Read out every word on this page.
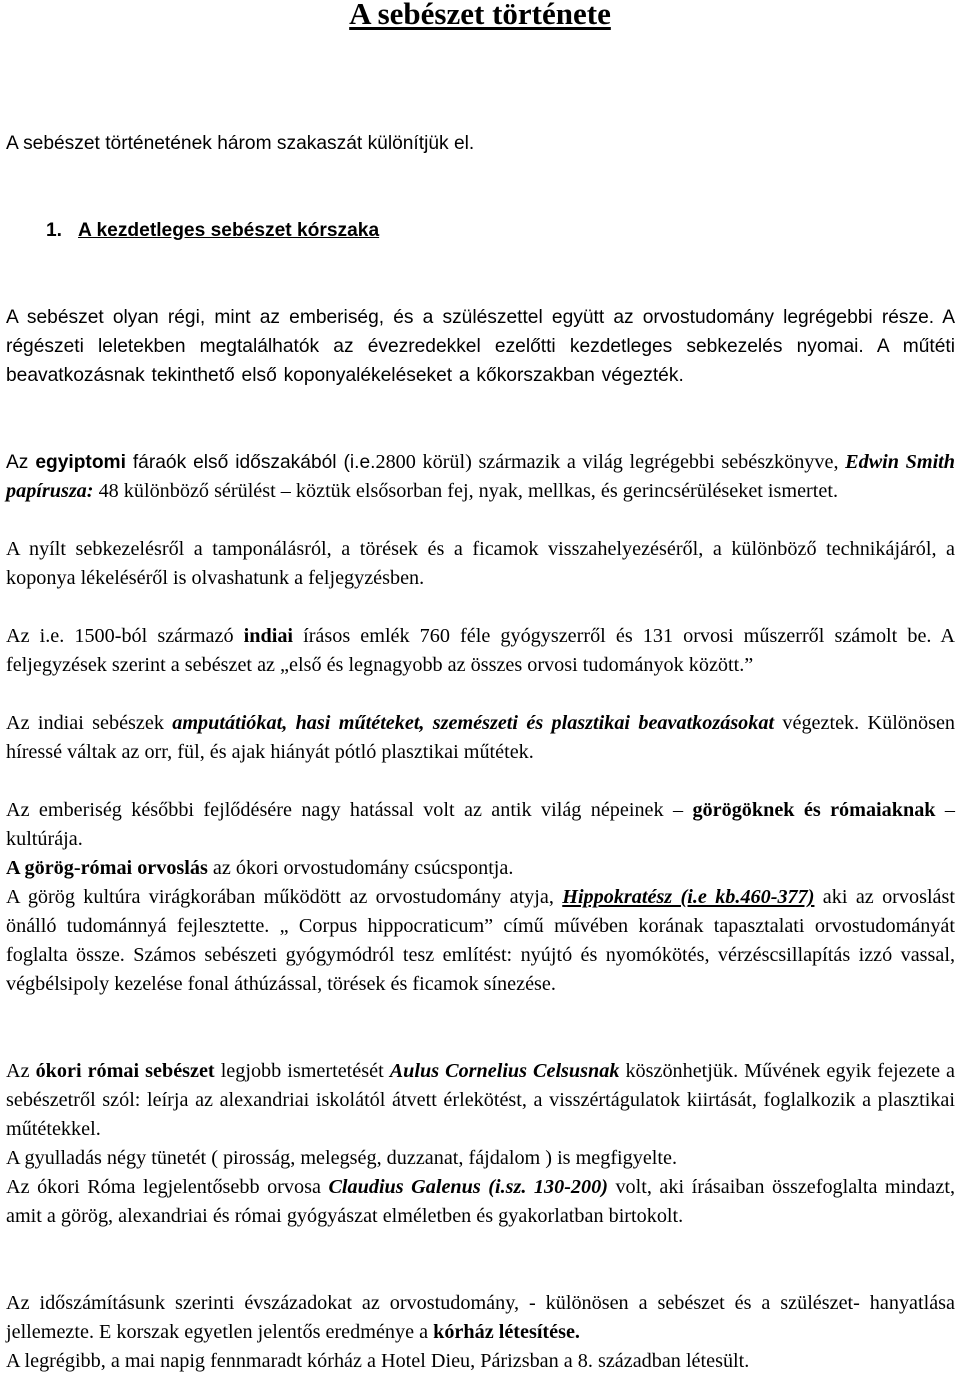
A sebészet története

A sebészet történetének három szakaszát különítjük el.

1. A kezdetleges sebészet kórszaka

A sebészet olyan régi, mint az emberiség, és a szülészettel együtt az orvostudomány legrégebbi része. A régészeti leletekben megtalálhatók az évezredekkel ezelőtti kezdetleges sebkezelés nyomai. A műtéti beavatkozásnak tekinthető első koponyalékeléseket a kőkorszakban végezték.

Az egyiptomi fáraók első időszakából (i.e.2800 körül) származik a világ legrégebbi sebészkönyve, Edwin Smith papírusza: 48 különböző sérülést – köztük elsősorban fej, nyak, mellkas, és gerincsérüléseket ismertet.

A nyílt sebkezelésről a tamponálásról, a törések és a ficamok visszahelyezéséről, a különböző technikájáról, a koponya lékeléséről is olvashatunk a feljegyzésben.

Az i.e. 1500-ból származó indiai írásos emlék 760 féle gyógyszerről és 131 orvosi műszerről számolt be. A feljegyzések szerint a sebészet az „első és legnagyobb az összes orvosi tudományok között.”

Az indiai sebészek amputátiókat, hasi műtéteket, szemészeti és plasztikai beavatkozásokat végeztek. Különösen híressé váltak az orr, fül, és ajak hiányát pótló plasztikai műtétek.

Az emberiség későbbi fejlődésére nagy hatással volt az antik világ népeinek – görögöknek és rómaiaknak – kultúrája.

A görög-római orvoslás az ókori orvostudomány csúcspontja.

A görög kultúra virágkorában működött az orvostudomány atyja, Hippokratész (i.e kb.460-377) aki az orvoslást önálló tudománnyá fejlesztette. „ Corpus hippocraticum” című művében korának tapasztalati orvostudományát foglalta össze. Számos sebészeti gyógymódról tesz említést: nyújtó és nyomókötés, vérzéscsillapítás izzó vassal, végbélsipoly kezelése fonal áthúzással, törések és ficamok sínezése.

Az ókori római sebészet legjobb ismertetését Aulus Cornelius Celsusnak köszönhetjük. Művének egyik fejezete a sebészetről szól: leírja az alexandriai iskolától átvett érlekötést, a visszértágulatok kiirtását, foglalkozik a plasztikai műtétekkel.

A gyulladás négy tünetét ( pirosság, melegség, duzzanat, fájdalom ) is megfigyelte.

Az ókori Róma legjelentősebb orvosa Claudius Galenus (i.sz. 130-200) volt, aki írásaiban összefoglalta mindazt, amit a görög, alexandriai és római gyógyászat elméletben és gyakorlatban birtokolt.

Az időszámításunk szerinti évszázadokat az orvostudomány, - különösen a sebészet és a szülészet- hanyatlása jellemezte. E korszak egyetlen jelentős eredménye a kórház létesítése.

A legrégibb, a mai napig fennmaradt kórház a Hotel Dieu, Párizsban a 8. században létesült.
